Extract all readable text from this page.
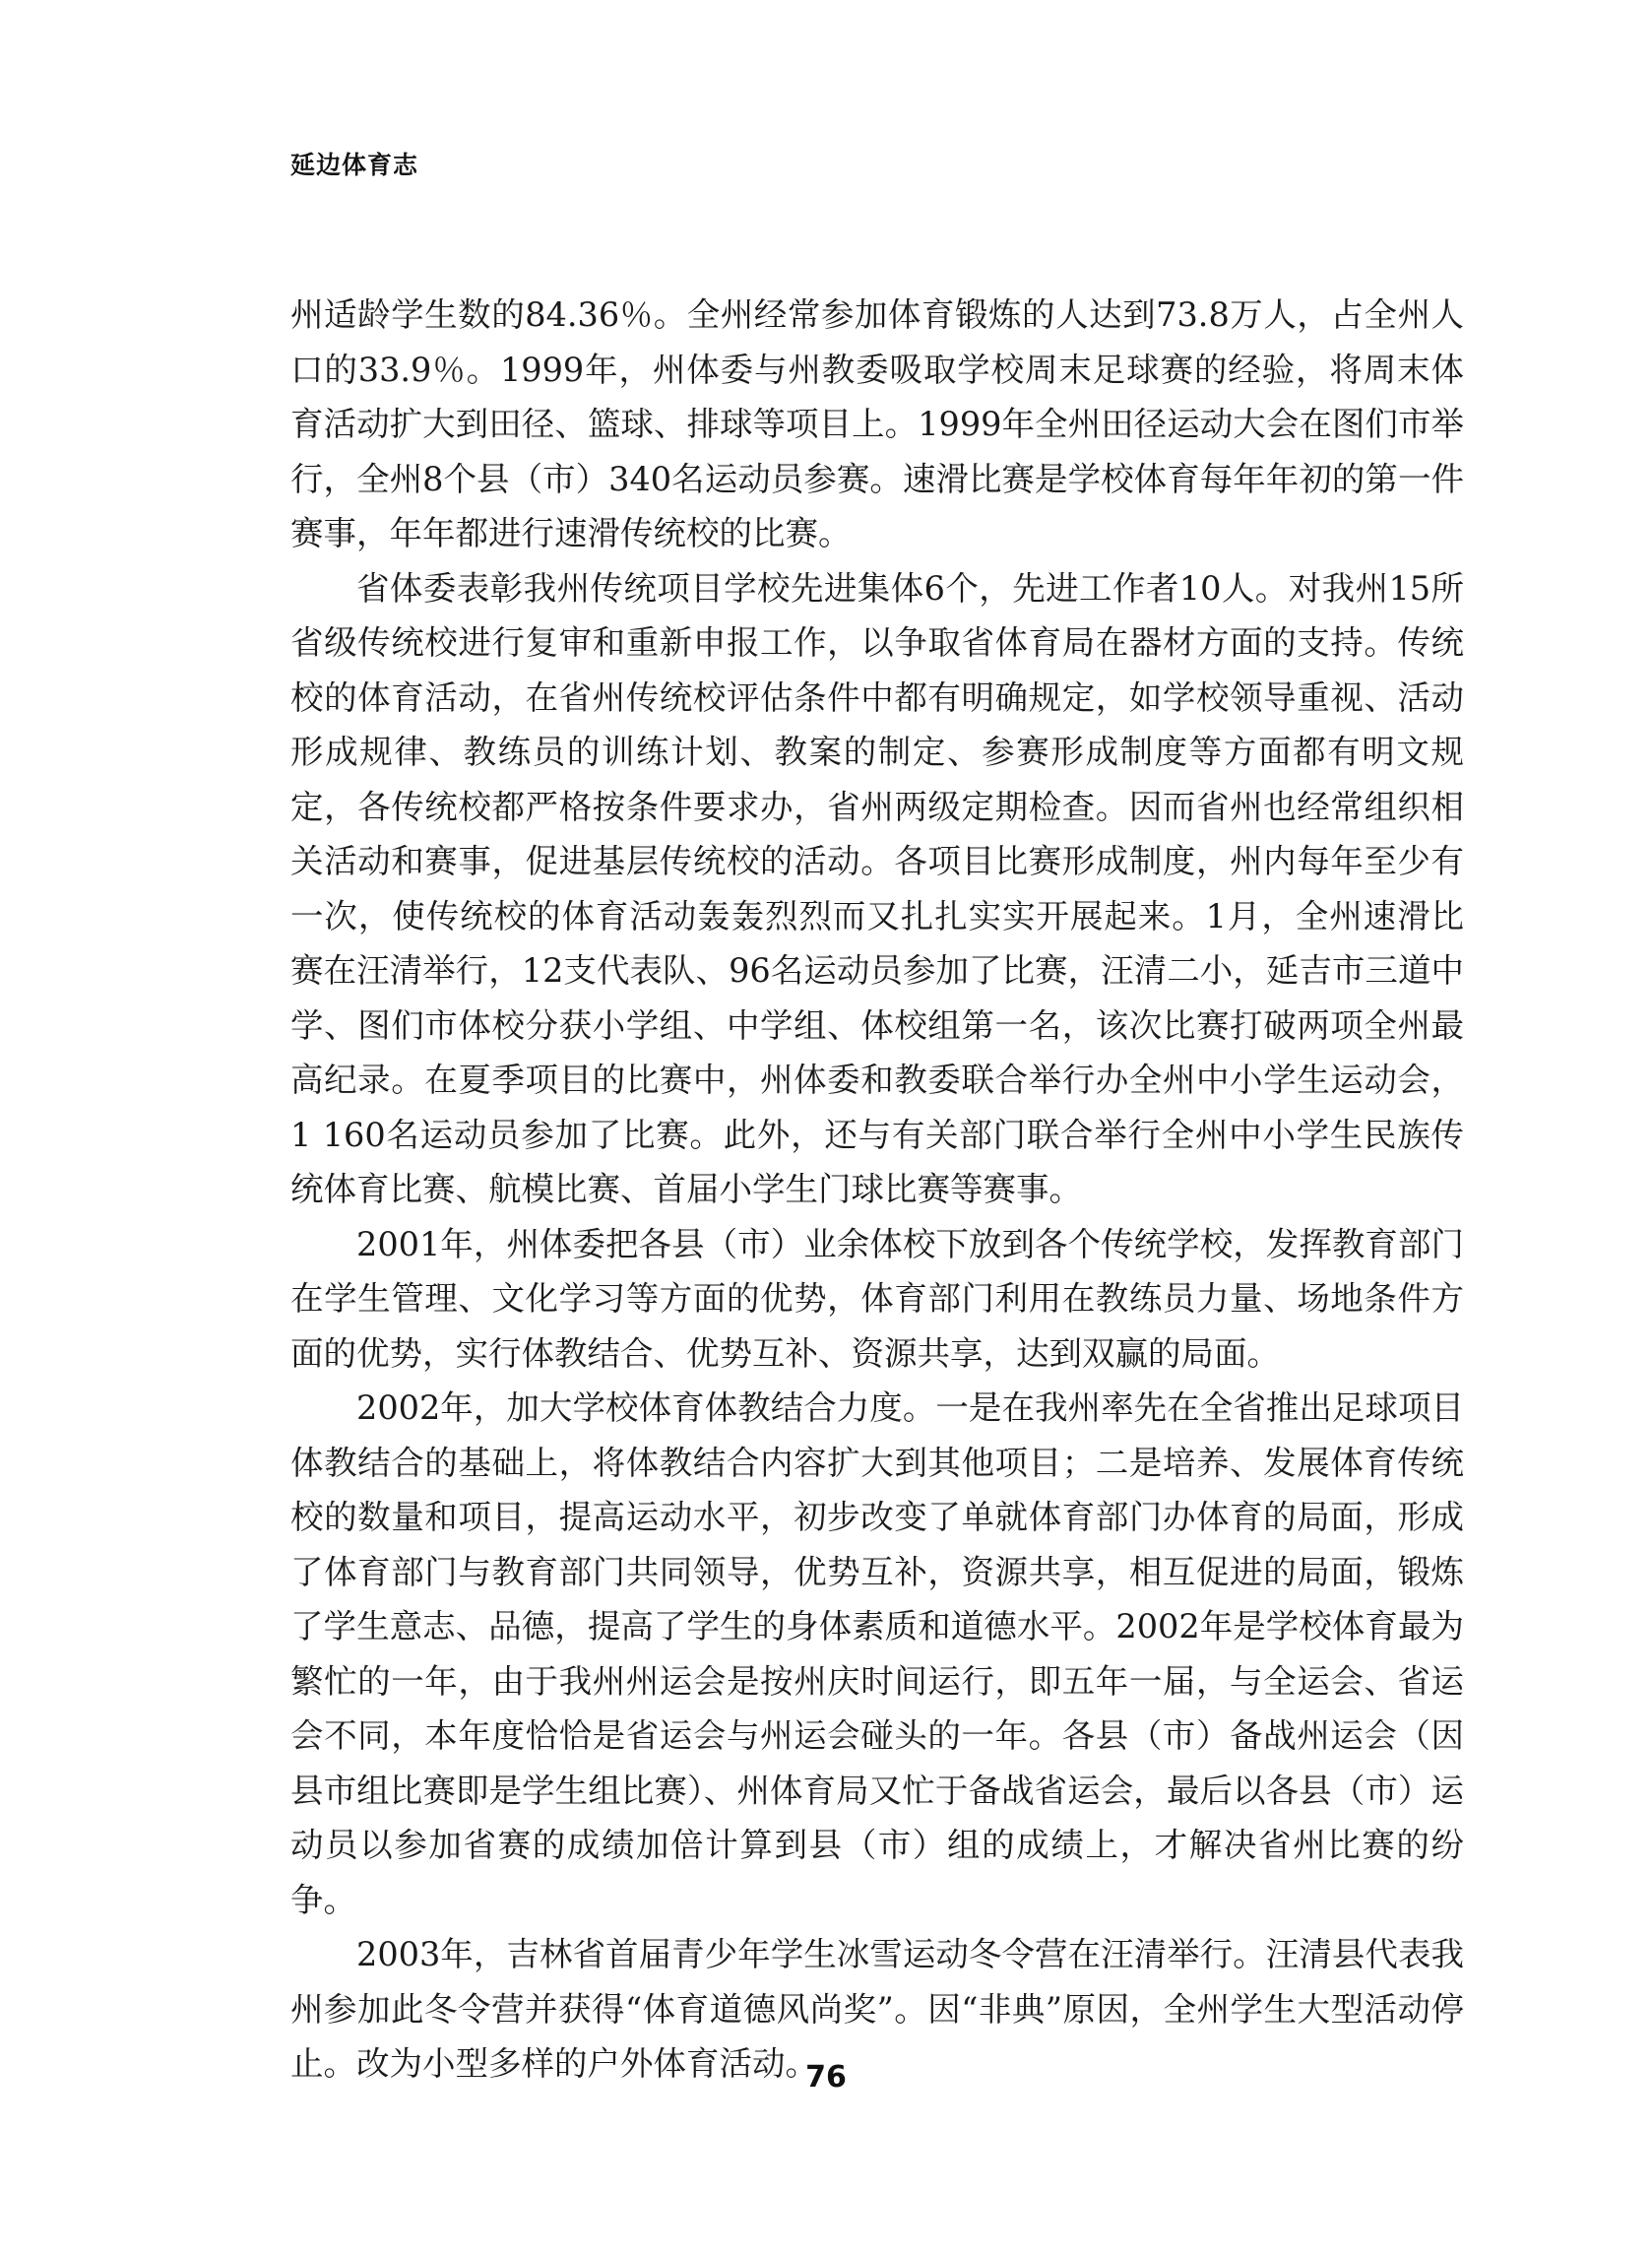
延边体育志

州适龄学生数的84.36％。全州经常参加体育锻炼的人达到73.8万人，占全州人口的33.9％。1999年，州体委与州教委吸取学校周末足球赛的经验，将周末体育活动扩大到田径、篮球、排球等项目上。1999年全州田径运动大会在图们市举行，全州8个县（市）340名运动员参赛。速滑比赛是学校体育每年年初的第一件赛事，年年都进行速滑传统校的比赛。

省体委表彰我州传统项目学校先进集体6个，先进工作者10人。对我州15所省级传统校进行复审和重新申报工作，以争取省体育局在器材方面的支持。传统校的体育活动，在省州传统校评估条件中都有明确规定，如学校领导重视、活动形成规律、教练员的训练计划、教案的制定、参赛形成制度等方面都有明文规定，各传统校都严格按条件要求办，省州两级定期检查。因而省州也经常组织相关活动和赛事，促进基层传统校的活动。各项目比赛形成制度，州内每年至少有一次，使传统校的体育活动轰轰烈烈而又扎扎实实开展起来。1月，全州速滑比赛在汪清举行，12支代表队、96名运动员参加了比赛，汪清二小，延吉市三道中学、图们市体校分获小学组、中学组、体校组第一名，该次比赛打破两项全州最高纪录。在夏季项目的比赛中，州体委和教委联合举行办全州中小学生运动会，1 160名运动员参加了比赛。此外，还与有关部门联合举行全州中小学生民族传统体育比赛、航模比赛、首届小学生门球比赛等赛事。

2001年，州体委把各县（市）业余体校下放到各个传统学校，发挥教育部门在学生管理、文化学习等方面的优势，体育部门利用在教练员力量、场地条件方面的优势，实行体教结合、优势互补、资源共享，达到双赢的局面。

2002年，加大学校体育体教结合力度。一是在我州率先在全省推出足球项目体教结合的基础上，将体教结合内容扩大到其他项目；二是培养、发展体育传统校的数量和项目，提高运动水平，初步改变了单就体育部门办体育的局面，形成了体育部门与教育部门共同领导，优势互补，资源共享，相互促进的局面，锻炼了学生意志、品德，提高了学生的身体素质和道德水平。2002年是学校体育最为繁忙的一年，由于我州州运会是按州庆时间运行，即五年一届，与全运会、省运会不同，本年度恰恰是省运会与州运会碰头的一年。各县（市）备战州运会（因县市组比赛即是学生组比赛）、州体育局又忙于备战省运会，最后以各县（市）运动员以参加省赛的成绩加倍计算到县（市）组的成绩上，才解决省州比赛的纷争。

2003年，吉林省首届青少年学生冰雪运动冬令营在汪清举行。汪清县代表我州参加此冬令营并获得“体育道德风尚奖”。因“非典”原因，全州学生大型活动停止。改为小型多样的户外体育活动。

76
